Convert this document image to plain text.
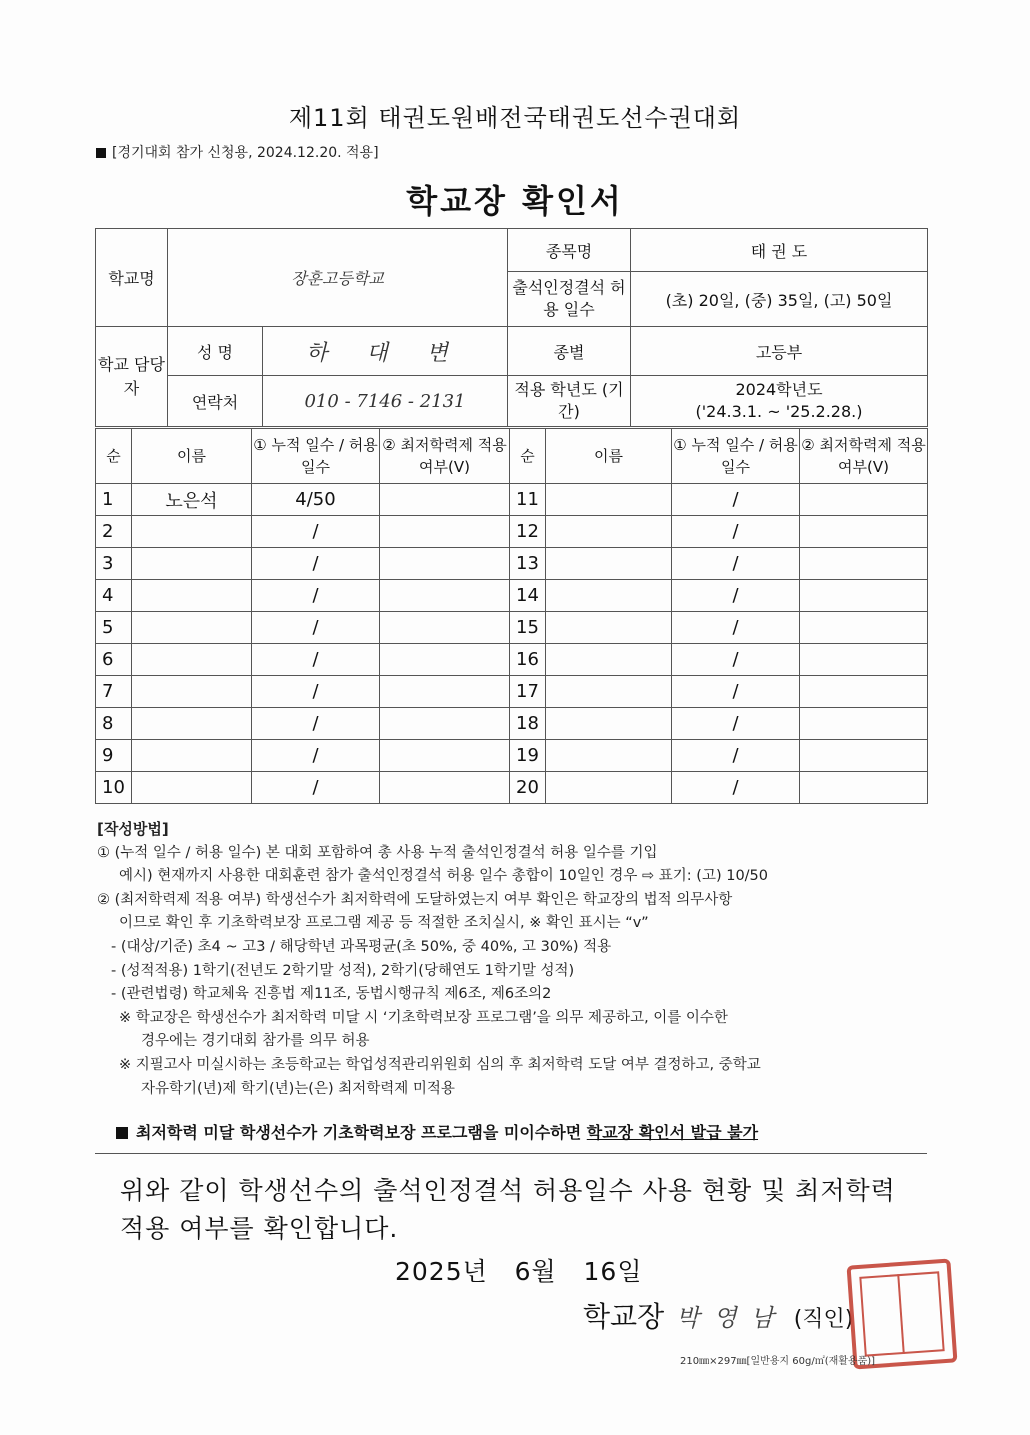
제11회 태권도원배전국태권도선수권대회
[경기대회 참가 신청용, 2024.12.20. 적용]
학교장 확인서
학교명	장훈고등학교		종목명	태 권 도
			출석인정결석 허용 일수	(초) 20일, (중) 35일, (고) 50일
학교 담당자	성 명	하 대 변	종별	고등부
	연락처	010 - 7146 - 2131	적용 학년도 (기간)	2024학년도
('24.3.1. ~ '25.2.28.)
순	이름	① 누적 일수 / 허용 일수	② 최저학력제 적용 여부(V)	순	이름	① 누적 일수 / 허용 일수	② 최저학력제 적용 여부(V)
1	노은석	4/50		11		/	
2		/		12		/	
3		/		13		/	
4		/		14		/	
5		/		15		/	
6		/		16		/	
7		/		17		/	
8		/		18		/	
9		/		19		/	
10		/		20		/	

[작성방법]

① (누적 일수 / 허용 일수) 본 대회 포함하여 총 사용 누적 출석인정결석 허용 일수를 기입

예시) 현재까지 사용한 대회훈련 참가 출석인정결석 허용 일수 총합이 10일인 경우 ⇨ 표기: (고) 10/50

② (최저학력제 적용 여부) 학생선수가 최저학력에 도달하였는지 여부 확인은 학교장의 법적 의무사항

이므로 확인 후 기초학력보장 프로그램 제공 등 적절한 조치실시, ※ 확인 표시는 “v”

- (대상/기준) 초4 ~ 고3 / 해당학년 과목평균(초 50%, 중 40%, 고 30%) 적용

- (성적적용) 1학기(전년도 2학기말 성적), 2학기(당해연도 1학기말 성적)

- (관련법령) 학교체육 진흥법 제11조, 동법시행규칙 제6조, 제6조의2

※ 학교장은 학생선수가 최저학력 미달 시 ‘기초학력보장 프로그램’을 의무 제공하고, 이를 이수한

경우에는 경기대회 참가를 의무 허용

※ 지필고사 미실시하는 초등학교는 학업성적관리위원회 심의 후 최저학력 도달 여부 결정하고, 중학교

자유학기(년)제 학기(년)는(은) 최저학력제 미적용

최저학력 미달 학생선수가 기초학력보장 프로그램을 미이수하면 학교장 확인서 발급 불가
위와 같이 학생선수의 출석인정결석 허용일수 사용 현황 및 최저학력 적용 여부를 확인합니다.
2025년   6월   16일
학교장 박영남 (직인)
210㎜×297㎜[일반용지 60g/㎡(재활용품)]
